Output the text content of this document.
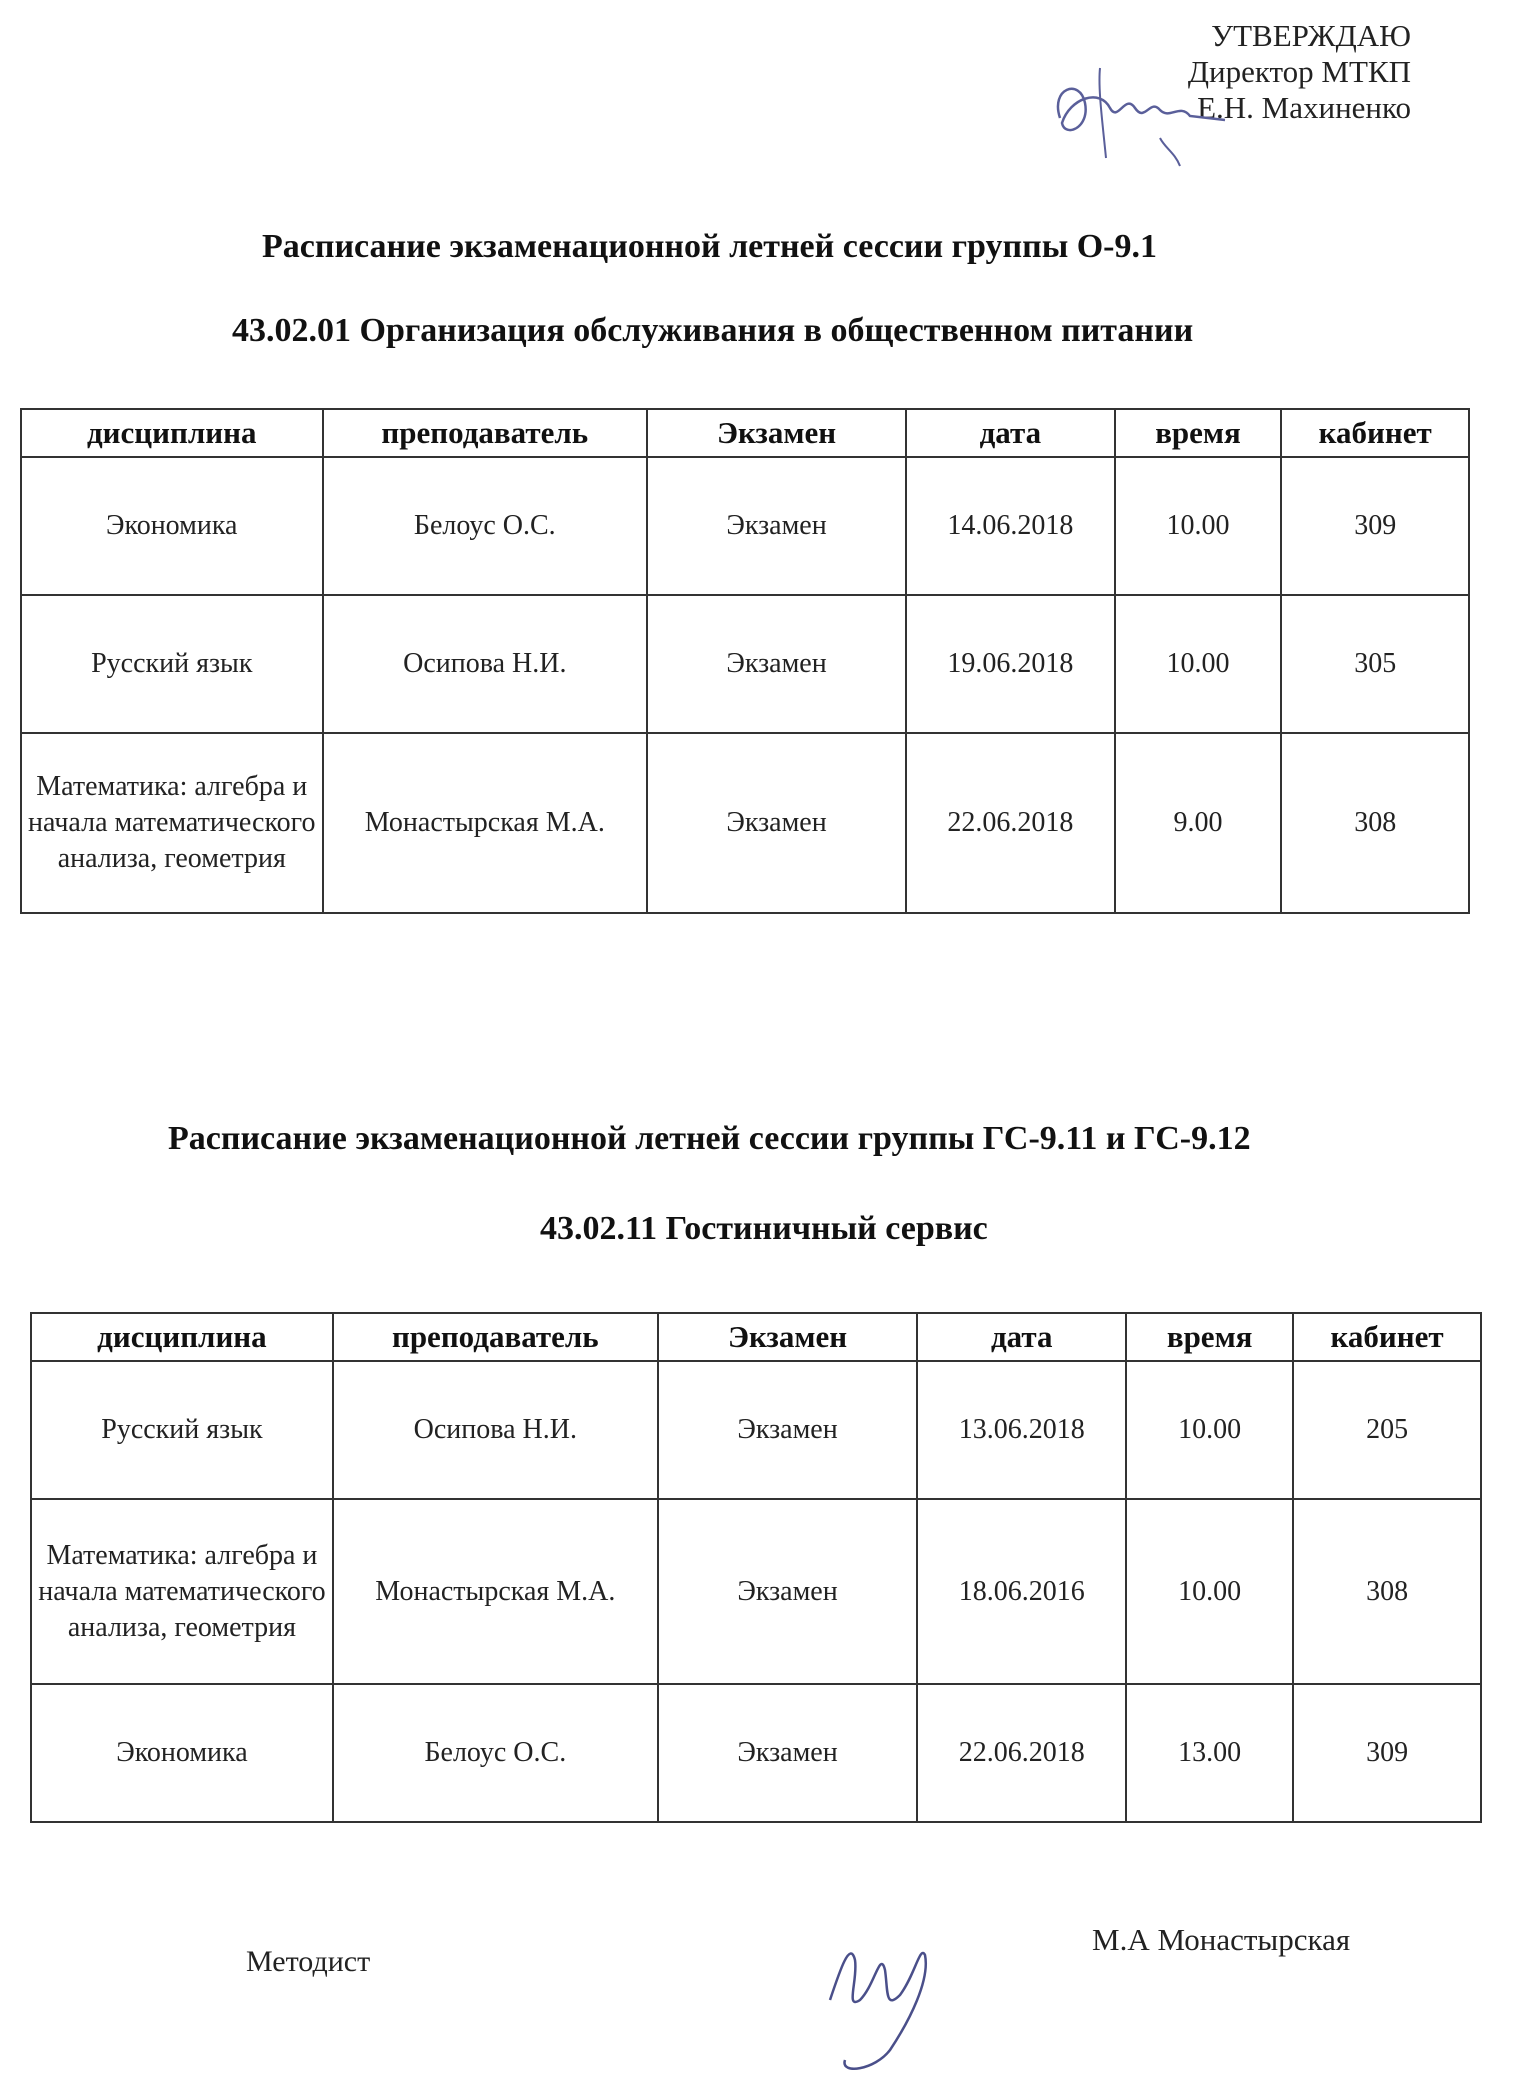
УТВЕРЖДАЮ
Директор МТКП
Е.Н. Махиненко
Расписание экзаменационной летней сессии группы О-9.1
43.02.01 Организация обслуживания в общественном питании
дисциплина	преподаватель	Экзамен	дата	время	кабинет
Экономика	Белоус О.С.	Экзамен	14.06.2018	10.00	309
Русский язык	Осипова Н.И.	Экзамен	19.06.2018	10.00	305
Математика: алгебра и начала математического анализа, геометрия	Монастырская М.А.	Экзамен	22.06.2018	9.00	308
Расписание экзаменационной летней сессии группы ГС-9.11 и ГС-9.12
43.02.11 Гостиничный сервис
дисциплина	преподаватель	Экзамен	дата	время	кабинет
Русский язык	Осипова Н.И.	Экзамен	13.06.2018	10.00	205
Математика: алгебра и начала математического анализа, геометрия	Монастырская М.А.	Экзамен	18.06.2016	10.00	308
Экономика	Белоус О.С.	Экзамен	22.06.2018	13.00	309
Методист
М.А Монастырская
